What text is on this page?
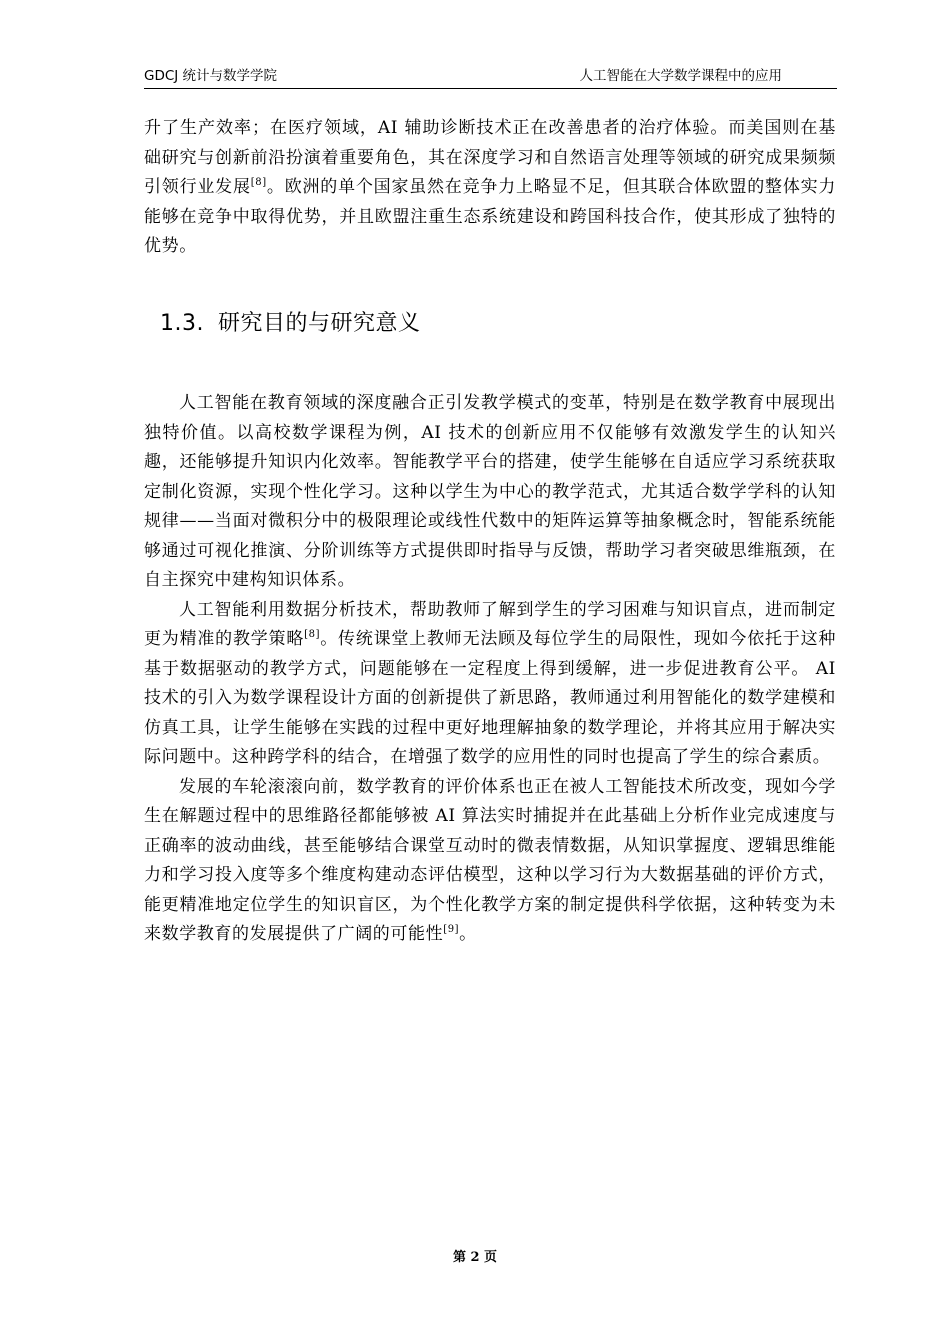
GDCJ 统计与数学学院	人工智能在大学数学课程中的应用

升了生产效率；在医疗领域，AI 辅助诊断技术正在改善患者的治疗体验。而美国则在基础研究与创新前沿扮演着重要角色，其在深度学习和自然语言处理等领域的研究成果频频引领行业发展[8]。欧洲的单个国家虽然在竞争力上略显不足，但其联合体欧盟的整体实力能够在竞争中取得优势，并且欧盟注重生态系统建设和跨国科技合作，使其形成了独特的优势。

1.3. 研究目的与研究意义

人工智能在教育领域的深度融合正引发教学模式的变革，特别是在数学教育中展现出独特价值。以高校数学课程为例，AI 技术的创新应用不仅能够有效激发学生的认知兴趣，还能够提升知识内化效率。智能教学平台的搭建，使学生能够在自适应学习系统获取定制化资源，实现个性化学习。这种以学生为中心的教学范式，尤其适合数学学科的认知规律——当面对微积分中的极限理论或线性代数中的矩阵运算等抽象概念时，智能系统能够通过可视化推演、分阶训练等方式提供即时指导与反馈，帮助学习者突破思维瓶颈，在自主探究中建构知识体系。

人工智能利用数据分析技术，帮助教师了解到学生的学习困难与知识盲点，进而制定更为精准的教学策略[8]。传统课堂上教师无法顾及每位学生的局限性，现如今依托于这种基于数据驱动的教学方式，问题能够在一定程度上得到缓解，进一步促进教育公平。 AI 技术的引入为数学课程设计方面的创新提供了新思路，教师通过利用智能化的数学建模和仿真工具，让学生能够在实践的过程中更好地理解抽象的数学理论，并将其应用于解决实际问题中。这种跨学科的结合，在增强了数学的应用性的同时也提高了学生的综合素质。

发展的车轮滚滚向前，数学教育的评价体系也正在被人工智能技术所改变，现如今学生在解题过程中的思维路径都能够被 AI 算法实时捕捉并在此基础上分析作业完成速度与正确率的波动曲线，甚至能够结合课堂互动时的微表情数据，从知识掌握度、逻辑思维能力和学习投入度等多个维度构建动态评估模型，这种以学习行为大数据基础的评价方式，能更精准地定位学生的知识盲区，为个性化教学方案的制定提供科学依据，这种转变为未来数学教育的发展提供了广阔的可能性[9]。

第 2 页
